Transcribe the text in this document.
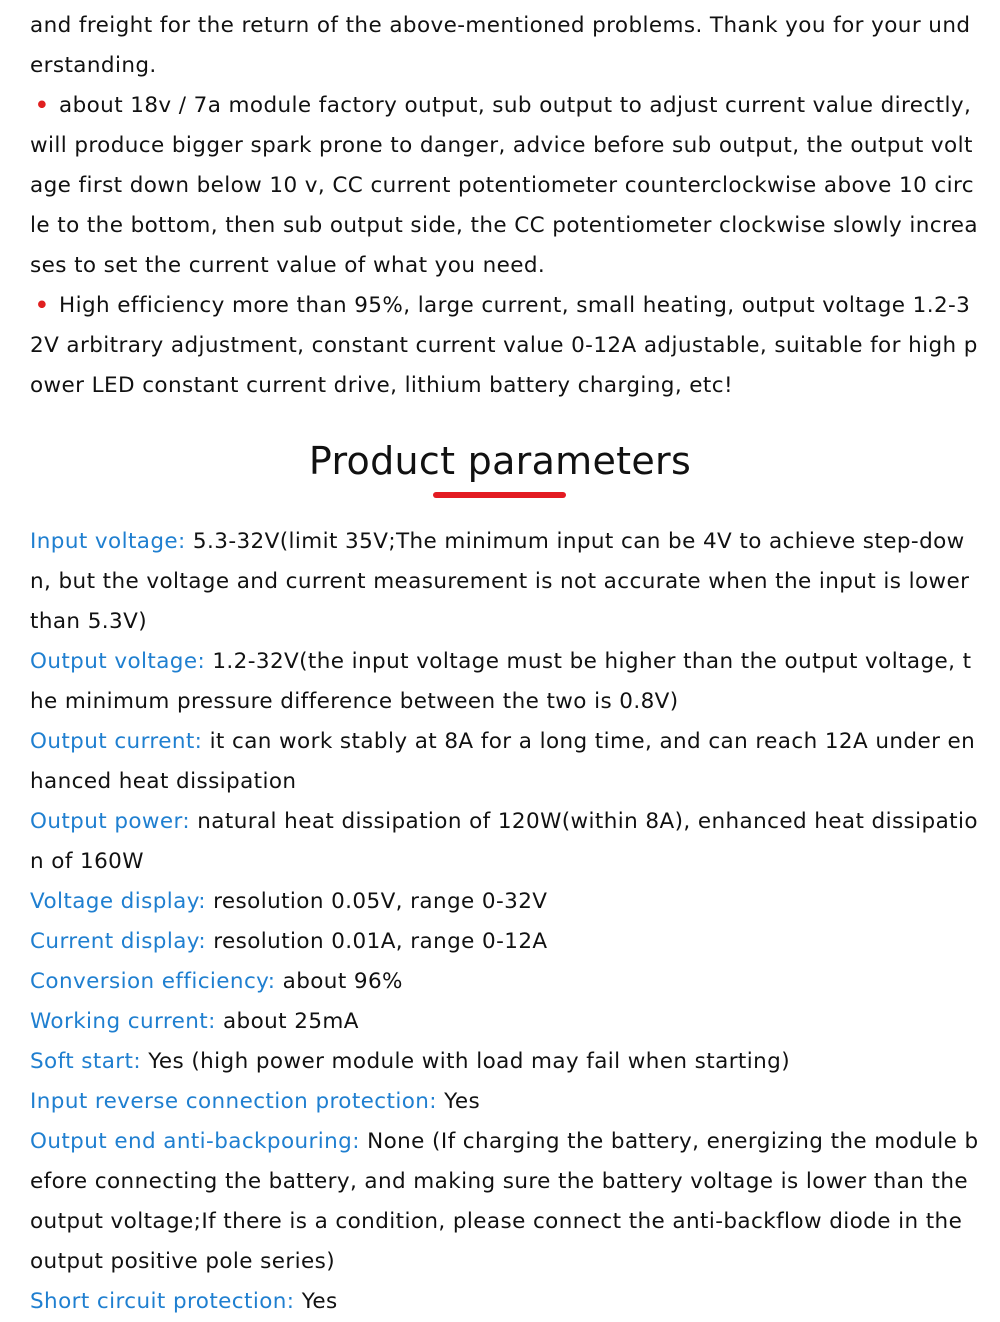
and freight for the return of the above-mentioned problems. Thank you for your understanding.

• about 18v / 7a module factory output, sub output to adjust current value directly, will produce bigger spark prone to danger, advice before sub output, the output voltage first down below 10 v, CC current potentiometer counterclockwise above 10 circle to the bottom, then sub output side, the CC potentiometer clockwise slowly increases to set the current value of what you need.

• High efficiency more than 95%, large current, small heating, output voltage 1.2-32V arbitrary adjustment, constant current value 0-12A adjustable, suitable for high power LED constant current drive, lithium battery charging, etc!

Product parameters

Input voltage: 5.3-32V(limit 35V;The minimum input can be 4V to achieve step-down, but the voltage and current measurement is not accurate when the input is lower than 5.3V)

Output voltage: 1.2-32V(the input voltage must be higher than the output voltage, the minimum pressure difference between the two is 0.8V)

Output current: it can work stably at 8A for a long time, and can reach 12A under enhanced heat dissipation

Output power: natural heat dissipation of 120W(within 8A), enhanced heat dissipation of 160W

Voltage display: resolution 0.05V, range 0-32V

Current display: resolution 0.01A, range 0-12A

Conversion efficiency: about 96%

Working current: about 25mA

Soft start: Yes (high power module with load may fail when starting)

Input reverse connection protection: Yes

Output end anti-backpouring: None (If charging the battery, energizing the module before connecting the battery, and making sure the battery voltage is lower than the output voltage;If there is a condition, please connect the anti-backflow diode in the output positive pole series)

Short circuit protection: Yes
